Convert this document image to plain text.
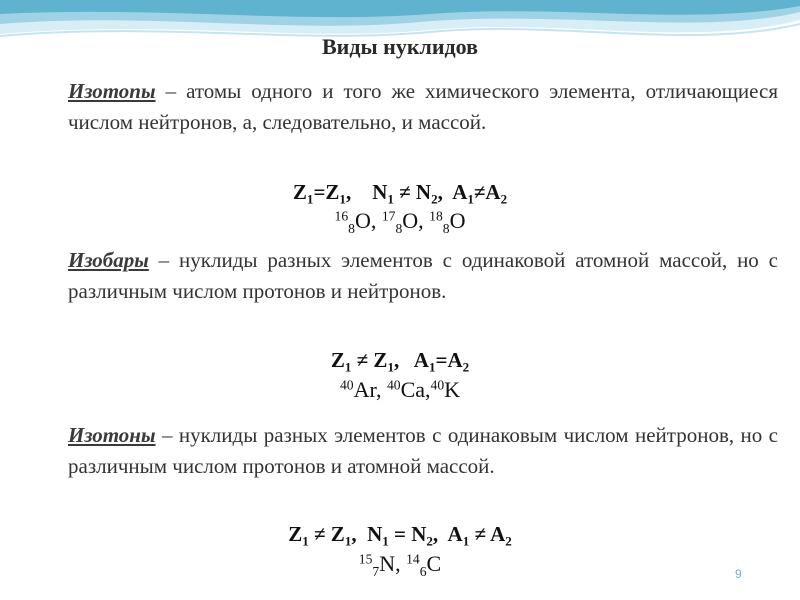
Виды нуклидов
Изотопы – атомы одного и того же химического элемента, отличающиеся числом нейтронов, а, следовательно, и массой.
$Z_1=Z_1$, $N_1 \ne N_2$, $A_1\ne A_2$
$^{16}_8$O, $^{17}_8$O, $^{18}_8$O
Изобары – нуклиды разных элементов с одинаковой атомной массой, но с различным числом протонов и нейтронов.
$Z_1 \ne Z_1$, $A_1=A_2$
$^{40}$Ar, $^{40}$Ca,$^{40}$K
Изотоны – нуклиды разных элементов с одинаковым числом нейтронов, но с различным числом протонов и атомной массой.
$Z_1 \ne Z_1$, $N_1 = N_2$, $A_1 \ne A_2$
$^{15}_7$N, $^{14}_6$C	9
